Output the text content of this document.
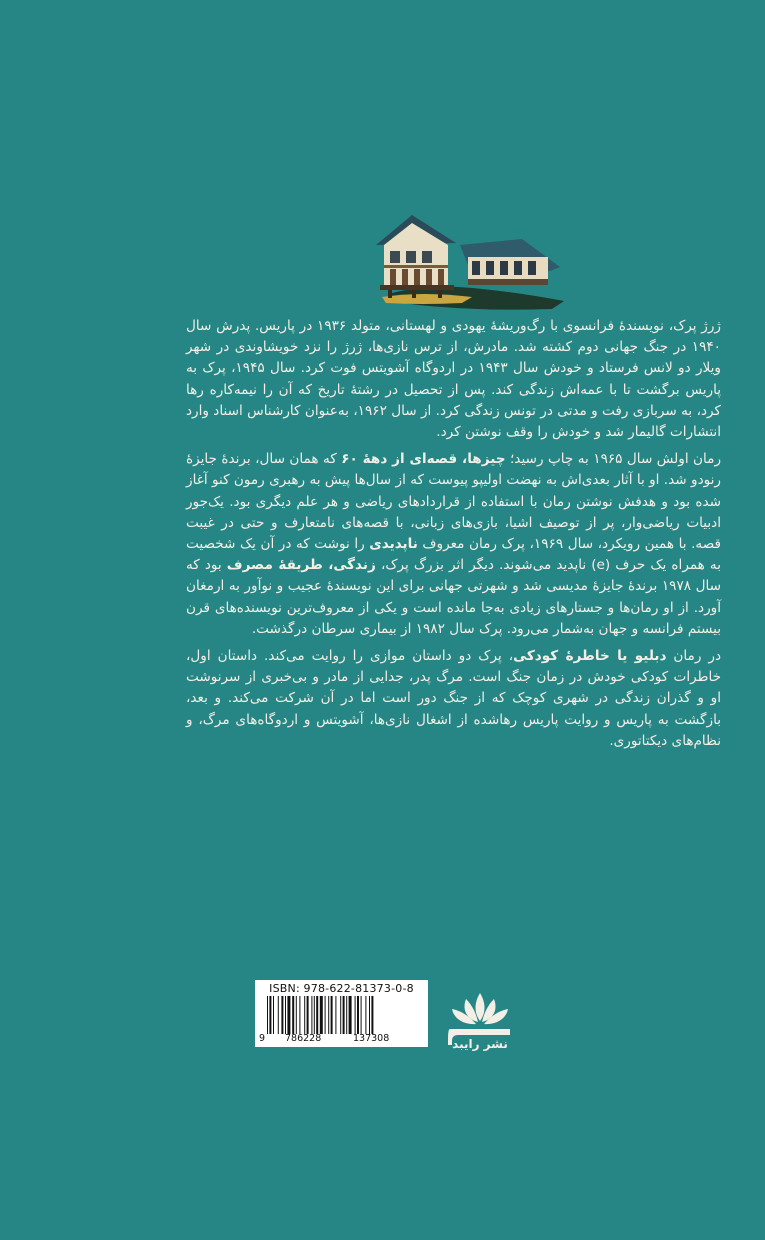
ژرژ پرک، نویسندهٔ فرانسوی با رگ‌وریشهٔ یهودی و لهستانی، متولد ۱۹۳۶ در پاریس. پدرش سال ۱۹۴۰ در جنگ جهانی دوم کشته شد. مادرش، از ترس نازی‌ها، ژرژ را نزد خویشاوندی در شهر ویلار دو لانس فرستاد و خودش سال ۱۹۴۳ در اردوگاه آشویتس فوت کرد. سال ۱۹۴۵، پرک به پاریس برگشت تا با عمه‌اش زندگی کند. پس از تحصیل در رشتهٔ تاریخ که آن را نیمه‌کاره رها کرد، به سربازی رفت و مدتی در تونس زندگی کرد. از سال ۱۹۶۲، به‌عنوان کارشناس اسناد وارد انتشارات گالیمار شد و خودش را وقف نوشتن کرد.

رمان اولش سال ۱۹۶۵ به چاپ رسید؛ چیزها، قصه‌ای از دههٔ ۶۰ که همان سال، برندهٔ جایزهٔ رنودو شد. او با آثار بعدی‌اش به نهضت اولیپو پیوست که از سال‌ها پیش به رهبری رمون کنو آغاز شده بود و هدفش نوشتن رمان با استفاده از قراردادهای ریاضی و هر علم دیگری بود. یک‌جور ادبیات ریاضی‌وار، پر از توصیف اشیا، بازی‌های زبانی، با قصه‌های نامتعارف و حتی در غیبت قصه. با همین رویکرد، سال ۱۹۶۹، پرک رمان معروف ناپدیدی را نوشت که در آن یک شخصیت به همراه یک حرف (e) ناپدید می‌شوند. دیگر اثر بزرگ پرک، زندگی، طریقهٔ مصرف بود که سال ۱۹۷۸ برندهٔ جایزهٔ مدیسی شد و شهرتی جهانی برای این نویسندهٔ عجیب و نوآور به ارمغان آورد. از او رمان‌ها و جستارهای زیادی به‌جا مانده است و یکی از معروف‌ترین نویسنده‌های قرن بیستم فرانسه و جهان به‌شمار می‌رود. پرک سال ۱۹۸۲ از بیماری سرطان درگذشت.

در رمان دبلیو یا خاطرهٔ کودکی، پرک دو داستان موازی را روایت می‌کند. داستان اول، خاطرات کودکی خودش در زمان جنگ است. مرگ پدر، جدایی از مادر و بی‌خبری از سرنوشت او و گذران زندگی در شهری کوچک که از جنگ دور است اما در آن شرکت می‌کند. و بعد، بازگشت به پاریس و روایت پاریس رهاشده از اشغال نازی‌ها، آشویتس و اردوگاه‌های مرگ، و نظام‌های دیکتاتوری.

ISBN: 978-622-81373-0-8
9 786228	137308	نشر رایبد
